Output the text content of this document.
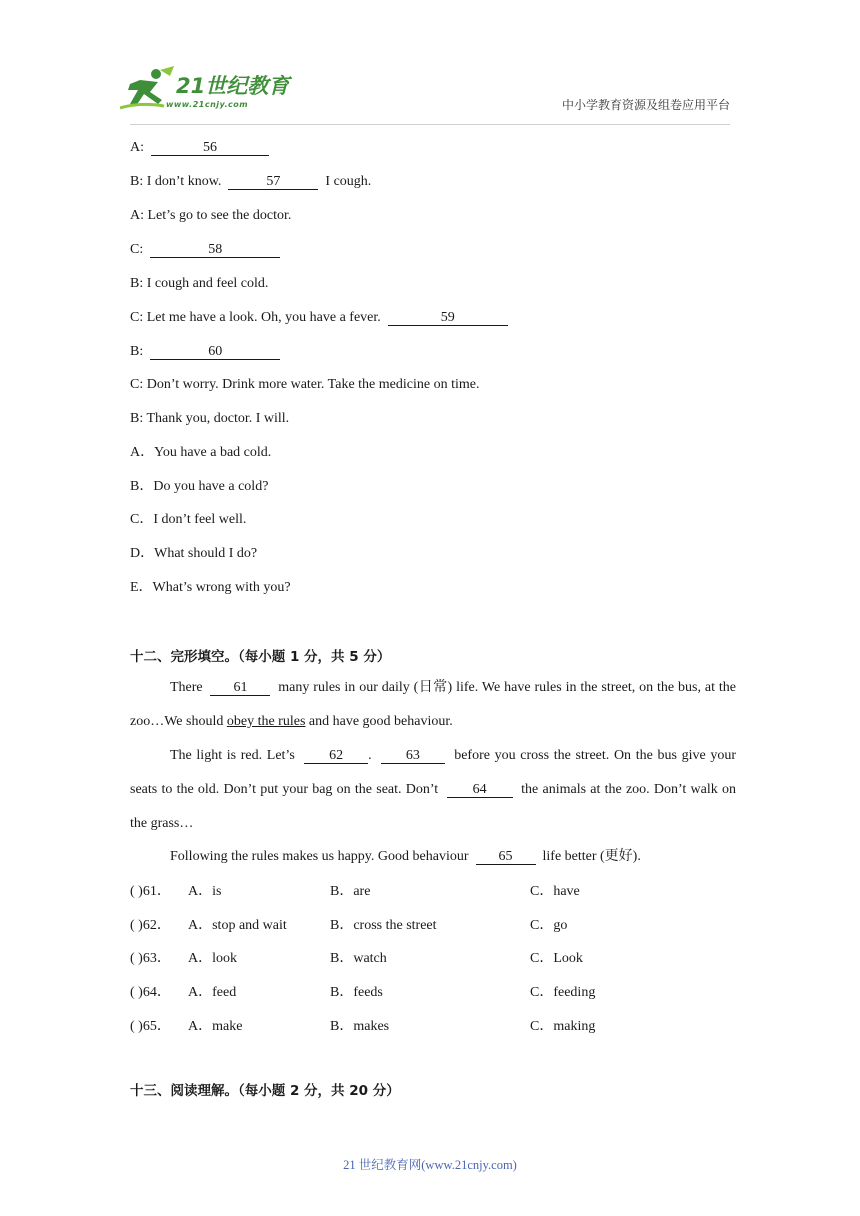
21世纪教育
www.21cnjy.com	中小学教育资源及组卷应用平台
A:	56
B: I don’t know.	57	I cough.
A: Let’s go to see the doctor.
C:	58
B: I cough and feel cold.
C: Let me have a look. Oh, you have a fever.	59
B:	60
C: Don’t worry. Drink more water. Take the medicine on time.
B: Thank you, doctor. I will.
A．You have a bad cold.
B．Do you have a cold?
C．I don’t feel well.
D．What should I do?
E．What’s wrong with you?
十二、完形填空。（每小题 1 分，共 5 分）
There 61 many rules in our daily (日常) life. We have rules in the street, on the bus, at the zoo…We should obey the rules and have good behaviour.
The light is red. Let’s 62 . 63 before you cross the street. On the bus give your seats to the old. Don’t put your bag on the seat. Don’t 64 the animals at the zoo. Don’t walk on the grass…
Following the rules makes us happy. Good behaviour 65 life better (更好).
( )61． A．is	B．are	C．have
( )62． A．stop and wait	B．cross the street	C．go
( )63． A．look	B．watch	C．Look
( )64． A．feed	B．feeds	C．feeding
( )65． A．make	B．makes	C．making
十三、阅读理解。（每小题 2 分，共 20 分）
21 世纪教育网(www.21cnjy.com)
